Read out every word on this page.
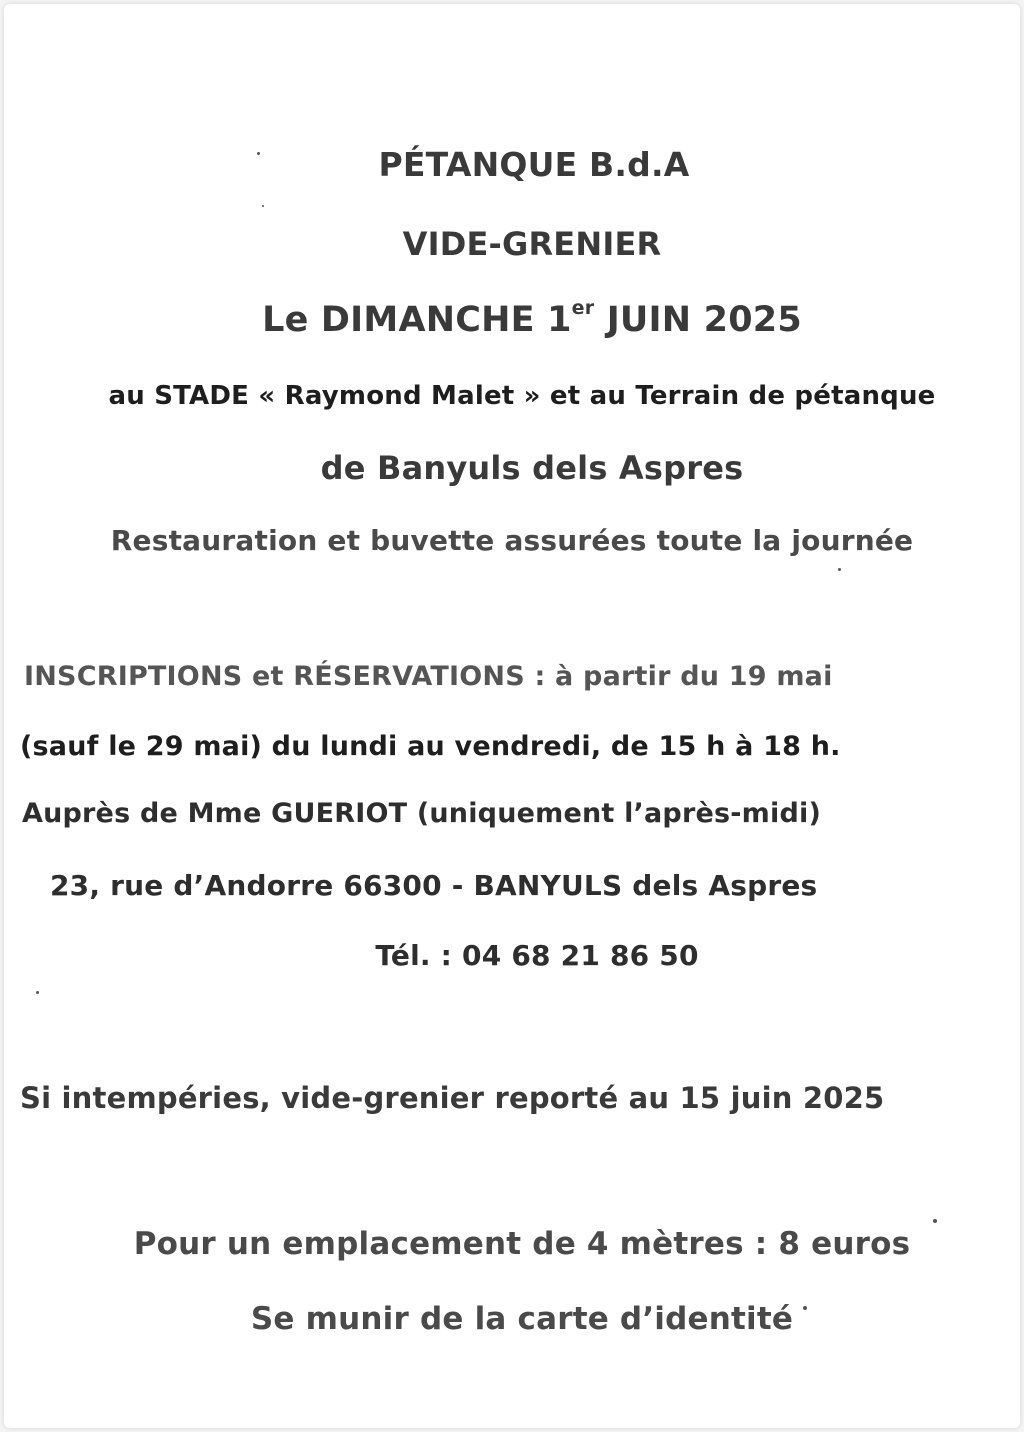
PÉTANQUE B.d.A
VIDE-GRENIER
Le DIMANCHE 1er JUIN 2025
au STADE « Raymond Malet » et au Terrain de pétanque
de Banyuls dels Aspres
Restauration et buvette assurées toute la journée
INSCRIPTIONS et RÉSERVATIONS : à partir du 19 mai
(sauf le 29 mai) du lundi au vendredi, de 15 h à 18 h.
Auprès de Mme GUERIOT (uniquement l’après-midi)
23, rue d’Andorre 66300 - BANYULS dels Aspres
Tél. : 04 68 21 86 50
Si intempéries, vide-grenier reporté au 15 juin 2025
Pour un emplacement de 4 mètres : 8 euros
Se munir de la carte d’identité
